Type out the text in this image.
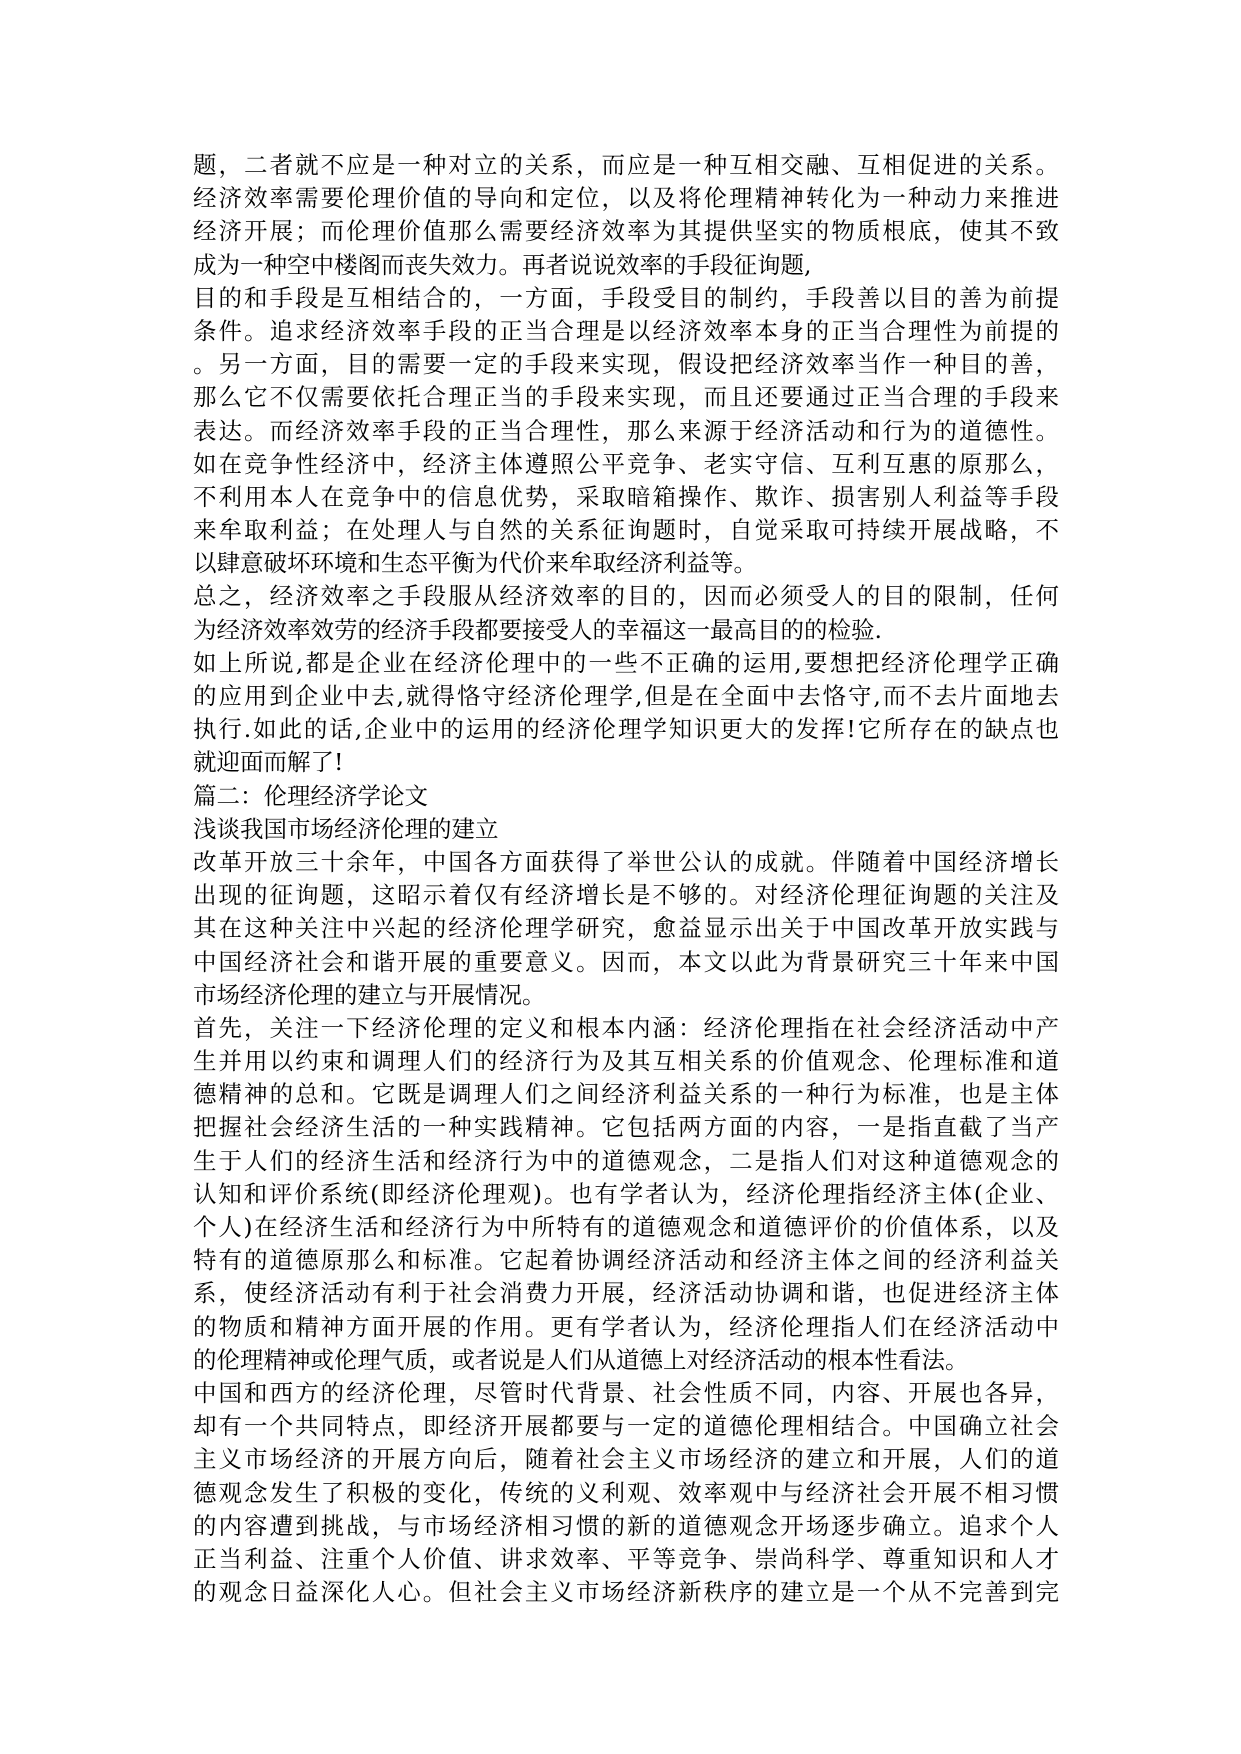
题，二者就不应是一种对立的关系，而应是一种互相交融、互相促进的关系。
经济效率需要伦理价值的导向和定位，以及将伦理精神转化为一种动力来推进
经济开展；而伦理价值那么需要经济效率为其提供坚实的物质根底，使其不致
成为一种空中楼阁而丧失效力。再者说说效率的手段征询题,
目的和手段是互相结合的，一方面，手段受目的制约，手段善以目的善为前提
条件。追求经济效率手段的正当合理是以经济效率本身的正当合理性为前提的
。另一方面，目的需要一定的手段来实现，假设把经济效率当作一种目的善，
那么它不仅需要依托合理正当的手段来实现，而且还要通过正当合理的手段来
表达。而经济效率手段的正当合理性，那么来源于经济活动和行为的道德性。
如在竞争性经济中，经济主体遵照公平竞争、老实守信、互利互惠的原那么，
不利用本人在竞争中的信息优势，采取暗箱操作、欺诈、损害别人利益等手段
来牟取利益；在处理人与自然的关系征询题时，自觉采取可持续开展战略，不
以肆意破坏环境和生态平衡为代价来牟取经济利益等。
总之，经济效率之手段服从经济效率的目的，因而必须受人的目的限制，任何
为经济效率效劳的经济手段都要接受人的幸福这一最高目的的检验.
如上所说,都是企业在经济伦理中的一些不正确的运用,要想把经济伦理学正确
的应用到企业中去,就得恪守经济伦理学,但是在全面中去恪守,而不去片面地去
执行.如此的话,企业中的运用的经济伦理学知识更大的发挥!它所存在的缺点也
就迎面而解了!
篇二：伦理经济学论文
浅谈我国市场经济伦理的建立
改革开放三十余年，中国各方面获得了举世公认的成就。伴随着中国经济增长
出现的征询题，这昭示着仅有经济增长是不够的。对经济伦理征询题的关注及
其在这种关注中兴起的经济伦理学研究，愈益显示出关于中国改革开放实践与
中国经济社会和谐开展的重要意义。因而，本文以此为背景研究三十年来中国
市场经济伦理的建立与开展情况。
首先，关注一下经济伦理的定义和根本内涵：经济伦理指在社会经济活动中产
生并用以约束和调理人们的经济行为及其互相关系的价值观念、伦理标准和道
德精神的总和。它既是调理人们之间经济利益关系的一种行为标准，也是主体
把握社会经济生活的一种实践精神。它包括两方面的内容，一是指直截了当产
生于人们的经济生活和经济行为中的道德观念，二是指人们对这种道德观念的
认知和评价系统(即经济伦理观)。也有学者认为，经济伦理指经济主体(企业、
个人)在经济生活和经济行为中所特有的道德观念和道德评价的价值体系，以及
特有的道德原那么和标准。它起着协调经济活动和经济主体之间的经济利益关
系，使经济活动有利于社会消费力开展，经济活动协调和谐，也促进经济主体
的物质和精神方面开展的作用。更有学者认为，经济伦理指人们在经济活动中
的伦理精神或伦理气质，或者说是人们从道德上对经济活动的根本性看法。
中国和西方的经济伦理，尽管时代背景、社会性质不同，内容、开展也各异，
却有一个共同特点，即经济开展都要与一定的道德伦理相结合。中国确立社会
主义市场经济的开展方向后，随着社会主义市场经济的建立和开展，人们的道
德观念发生了积极的变化，传统的义利观、效率观中与经济社会开展不相习惯
的内容遭到挑战，与市场经济相习惯的新的道德观念开场逐步确立。追求个人
正当利益、注重个人价值、讲求效率、平等竞争、崇尚科学、尊重知识和人才
的观念日益深化人心。但社会主义市场经济新秩序的建立是一个从不完善到完
